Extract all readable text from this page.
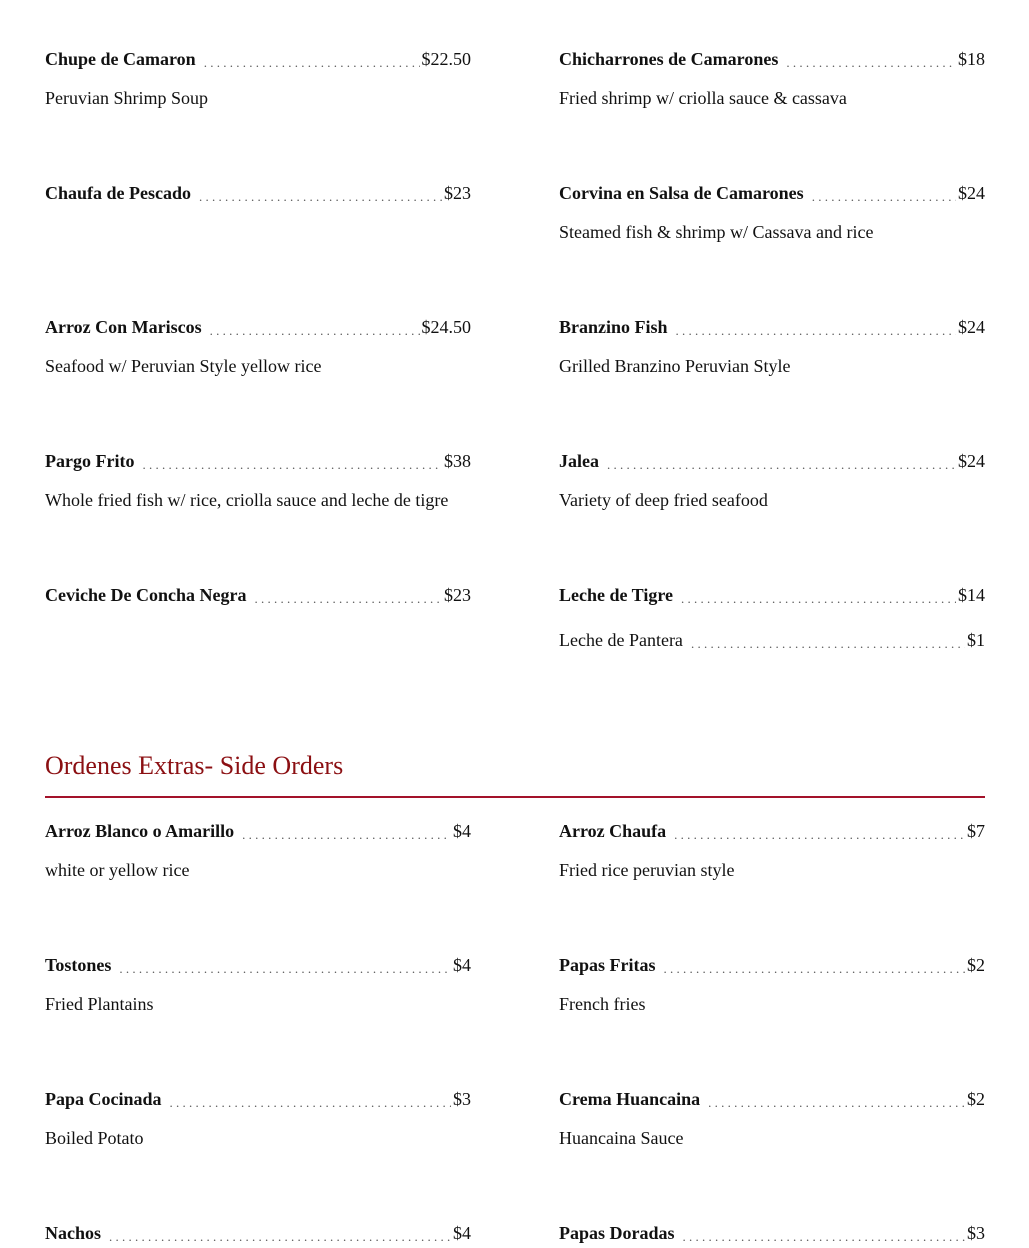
Chupe de Camaron . . .	$22.50
Peruvian Shrimp Soup
Chaufa de Pescado . . .	$23
Arroz Con Mariscos . . .	$24.50
Seafood w/ Peruvian Style yellow rice
Pargo Frito . . .	$38
Whole fried fish w/ rice, criolla sauce and leche de tigre
Ceviche De Concha Negra . . .	$23
Chicharrones de Camarones . . .	$18
Fried shrimp w/ criolla sauce & cassava
Corvina en Salsa de Camarones . . .	$24
Steamed fish & shrimp w/ Cassava and rice
Branzino Fish . . .	$24
Grilled Branzino Peruvian Style
Jalea . . .	$24
Variety of deep fried seafood
Leche de Tigre . . .	$14
Leche de Pantera . . .	$1
Ordenes Extras- Side Orders
Arroz Blanco o Amarillo . . .	$4
white or yellow rice
Tostones . . .	$4
Fried Plantains
Papa Cocinada . . .	$3
Boiled Potato
Nachos . . .	$4
Arroz Chaufa . . .	$7
Fried rice peruvian style
Papas Fritas . . .	$2
French fries
Crema Huancaina . . .	$2
Huancaina Sauce
Papas Doradas . . .	$3
